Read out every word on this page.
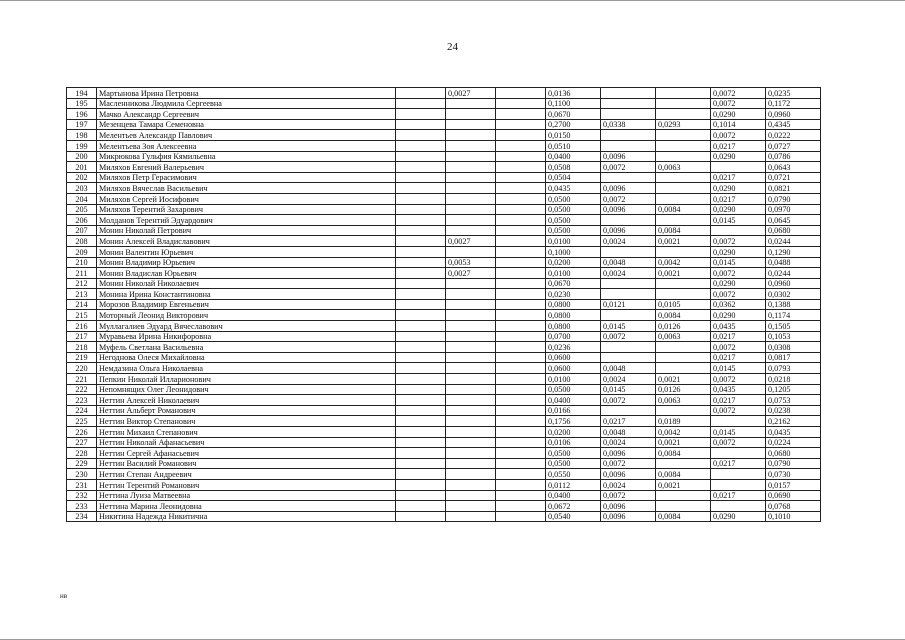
24
194	Мартынова Ирина Петровна		0,0027		0,0136			0,0072	0,0235
195	Масленникова Людмила Сергеевна				0,1100			0,0072	0,1172
196	Мачко Александр Сергеевич				0,0670			0,0290	0,0960
197	Мезенцева Тамара Семеновна				0,2700	0,0338	0,0293	0,1014	0,4345
198	Мелентьев Александр Павлович				0,0150			0,0072	0,0222
199	Мелентьева Зоя Алексеевна				0,0510			0,0217	0,0727
200	Микрюкова Гульфия Кямильевна				0,0400	0,0096		0,0290	0,0786
201	Миляхов Евгений Валерьевич				0,0508	0,0072	0,0063		0,0643
202	Миляхов Петр Герасимович				0,0504			0,0217	0,0721
203	Миляхов Вячеслав Васильевич				0,0435	0,0096		0,0290	0,0821
204	Миляхов Сергей Иосифович				0,0500	0,0072		0,0217	0,0790
205	Миляхов Терентий Захарович				0,0500	0,0096	0,0084	0,0290	0,0970
206	Молданов Терентий Эдуардович				0,0500			0,0145	0,0645
207	Монин Николай Петрович				0,0500	0,0096	0,0084		0,0680
208	Монин Алексей Владиславович		0,0027		0,0100	0,0024	0,0021	0,0072	0,0244
209	Монин Валентин Юрьевич				0,1000			0,0290	0,1290
210	Монин Владимир Юрьевич		0,0053		0,0200	0,0048	0,0042	0,0145	0,0488
211	Монин Владислав Юрьевич		0,0027		0,0100	0,0024	0,0021	0,0072	0,0244
212	Монин Николай Николаевич				0,0670			0,0290	0,0960
213	Монина Ирина Константиновна				0,0230			0,0072	0,0302
214	Морозов Владимир Евгеньевич				0,0800	0,0121	0,0105	0,0362	0,1388
215	Моторный Леонид Викторович				0,0800		0,0084	0,0290	0,1174
216	Муллагалиев Эдуард Вячеславович				0,0800	0,0145	0,0126	0,0435	0,1505
217	Муравьева Ирина Никифоровна				0,0700	0,0072	0,0063	0,0217	0,1053
218	Муфель Светлана Васильевна				0,0236			0,0072	0,0308
219	Негоднова Олеся Михайловна				0,0600			0,0217	0,0817
220	Немдазина Ольга Николаевна				0,0600	0,0048		0,0145	0,0793
221	Пепкин Николай Илларионович				0,0100	0,0024	0,0021	0,0072	0,0218
222	Непомнящих Олег Леонидович				0,0500	0,0145	0,0126	0,0435	0,1205
223	Неттин Алексей Николаевич				0,0400	0,0072	0,0063	0,0217	0,0753
224	Неттин Альберт Романович				0,0166			0,0072	0,0238
225	Неттин Виктор Степанович				0,1756	0,0217	0,0189		0,2162
226	Неттин Михаил Степанович				0,0200	0,0048	0,0042	0,0145	0,0435
227	Неттин Николай Афанасьевич				0,0106	0,0024	0,0021	0,0072	0,0224
228	Неттин Сергей Афанасьевич				0,0500	0,0096	0,0084		0,0680
229	Неттин Василий Романович				0,0500	0,0072		0,0217	0,0790
230	Неттин Степан Андреевич				0,0550	0,0096	0,0084		0,0730
231	Неттин Терентий Романович				0,0112	0,0024	0,0021		0,0157
232	Неттина Луиза Матвеевна				0,0400	0,0072		0,0217	0,0690
233	Неттина Марина Леонидовна				0,0672	0,0096			0,0768
234	Никитина Надежда Никитична				0,0540	0,0096	0,0084	0,0290	0,1010
нв
